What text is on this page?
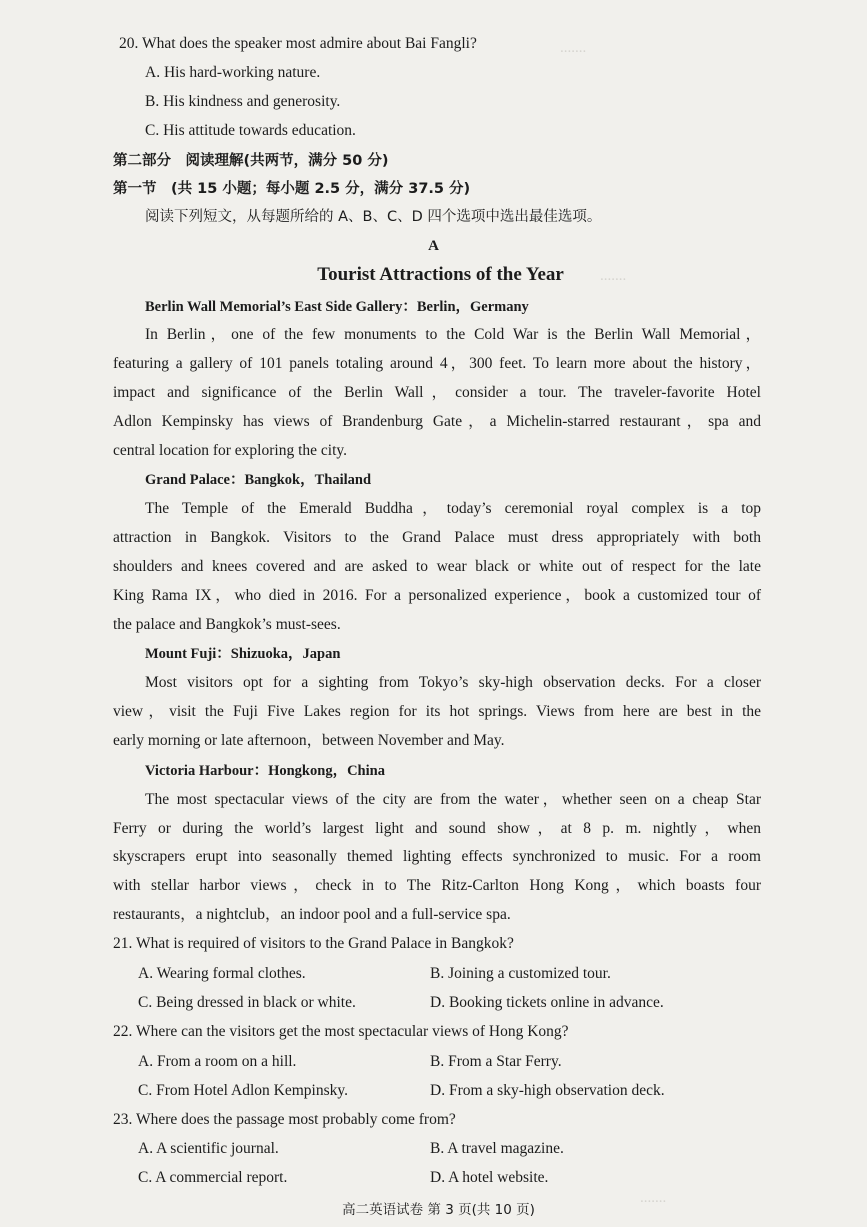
.......
.......
.......
20. What does the speaker most admire about Bai Fangli?
A. His hard-working nature.
B. His kindness and generosity.
C. His attitude towards education.
第二部分　阅读理解(共两节，满分 50 分)
第一节　(共 15 小题；每小题 2.5 分，满分 37.5 分)
阅读下列短文，从每题所给的 A、B、C、D 四个选项中选出最佳选项。
A
Tourist Attractions of the Year
Berlin Wall Memorial’s East Side Gallery：Berlin，Germany
In Berlin，one of the few monuments to the Cold War is the Berlin Wall Memorial，
featuring a gallery of 101 panels totaling around 4，300 feet. To learn more about the history，
impact and significance of the Berlin Wall，consider a tour. The traveler-favorite Hotel
Adlon Kempinsky has views of Brandenburg Gate，a Michelin-starred restaurant，spa and
central location for exploring the city.
Grand Palace：Bangkok，Thailand
The Temple of the Emerald Buddha，today’s ceremonial royal complex is a top
attraction in Bangkok. Visitors to the Grand Palace must dress appropriately with both
shoulders and knees covered and are asked to wear black or white out of respect for the late
King Rama IX，who died in 2016. For a personalized experience，book a customized tour of
the palace and Bangkok’s must-sees.
Mount Fuji：Shizuoka，Japan
Most visitors opt for a sighting from Tokyo’s sky-high observation decks. For a closer
view，visit the Fuji Five Lakes region for its hot springs. Views from here are best in the
early morning or late afternoon，between November and May.
Victoria Harbour：Hongkong，China
The most spectacular views of the city are from the water，whether seen on a cheap Star
Ferry or during the world’s largest light and sound show，at 8 p. m. nightly，when
skyscrapers erupt into seasonally themed lighting effects synchronized to music. For a room
with stellar harbor views，check in to The Ritz-Carlton Hong Kong，which boasts four
restaurants，a nightclub，an indoor pool and a full-service spa.
21. What is required of visitors to the Grand Palace in Bangkok?
A. Wearing formal clothes.	B. Joining a customized tour.
C. Being dressed in black or white.	D. Booking tickets online in advance.
22. Where can the visitors get the most spectacular views of Hong Kong?
A. From a room on a hill.	B. From a Star Ferry.
C. From Hotel Adlon Kempinsky.	D. From a sky-high observation deck.
23. Where does the passage most probably come from?
A. A scientific journal.	B. A travel magazine.
C. A commercial report.	D. A hotel website.
高二英语试卷 第 3 页(共 10 页)
